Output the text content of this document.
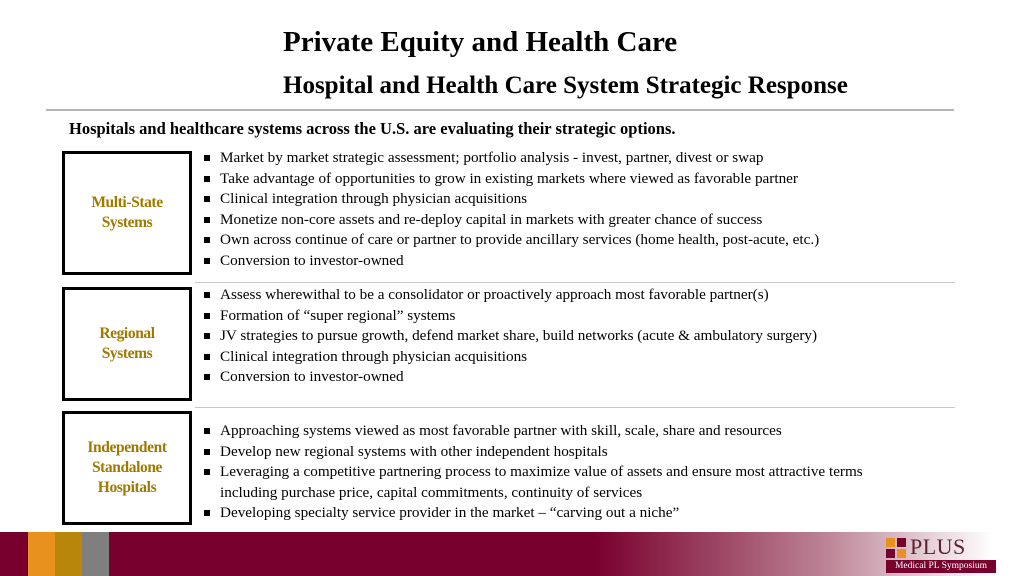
Private Equity and Health Care
Hospital and Health Care System Strategic Response
Hospitals and healthcare systems across the U.S. are evaluating their strategic options.
Multi-State
Systems
Market by market strategic assessment; portfolio analysis - invest, partner, divest or swap
Take advantage of opportunities to grow in existing markets where viewed as favorable partner
Clinical integration through physician acquisitions
Monetize non-core assets and re-deploy capital in markets with greater chance of success
Own across continue of care or partner to provide ancillary services (home health, post-acute, etc.)
Conversion to investor-owned
Regional
Systems
Assess wherewithal to be a consolidator or proactively approach most favorable partner(s)
Formation of “super regional” systems
JV strategies to pursue growth, defend market share, build networks (acute & ambulatory surgery)
Clinical integration through physician acquisitions
Conversion to investor-owned
Independent
Standalone
Hospitals
Approaching systems viewed as most favorable partner with skill, scale, share and resources
Develop new regional systems with other independent hospitals
Leveraging a competitive partnering process to maximize value of assets and ensure most attractive terms including purchase price, capital commitments, continuity of services
Developing specialty service provider in the market – “carving out a niche”
PLUS
Medical PL Symposium
